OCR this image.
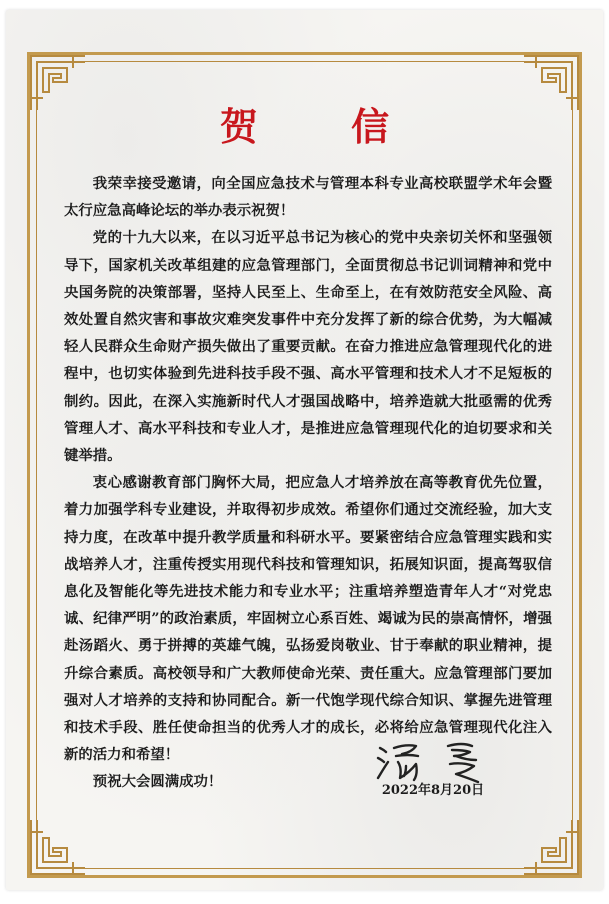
贺 信

我荣幸接受邀请，向全国应急技术与管理本科专业高校联盟学术年会暨太行应急高峰论坛的举办表示祝贺！

党的十九大以来，在以习近平总书记为核心的党中央亲切关怀和坚强领导下，国家机关改革组建的应急管理部门，全面贯彻总书记训词精神和党中央国务院的决策部署，坚持人民至上、生命至上，在有效防范安全风险、高效处置自然灾害和事故灾难突发事件中充分发挥了新的综合优势，为大幅减轻人民群众生命财产损失做出了重要贡献。在奋力推进应急管理现代化的进程中，也切实体验到先进科技手段不强、高水平管理和技术人才不足短板的制约。因此，在深入实施新时代人才强国战略中，培养造就大批亟需的优秀管理人才、高水平科技和专业人才，是推进应急管理现代化的迫切要求和关键举措。

衷心感谢教育部门胸怀大局，把应急人才培养放在高等教育优先位置，着力加强学科专业建设，并取得初步成效。希望你们通过交流经验，加大支持力度，在改革中提升教学质量和科研水平。要紧密结合应急管理实践和实战培养人才，注重传授实用现代科技和管理知识，拓展知识面，提高驾驭信息化及智能化等先进技术能力和专业水平；注重培养塑造青年人才“对党忠诚、纪律严明”的政治素质，牢固树立心系百姓、竭诚为民的崇高情怀，增强赴汤蹈火、勇于拼搏的英雄气魄，弘扬爱岗敬业、甘于奉献的职业精神，提升综合素质。高校领导和广大教师使命光荣、责任重大。应急管理部门要加强对人才培养的支持和协同配合。新一代饱学现代综合知识、掌握先进管理和技术手段、胜任使命担当的优秀人才的成长，必将给应急管理现代化注入新的活力和希望！

预祝大会圆满成功！

2022年8月20日
